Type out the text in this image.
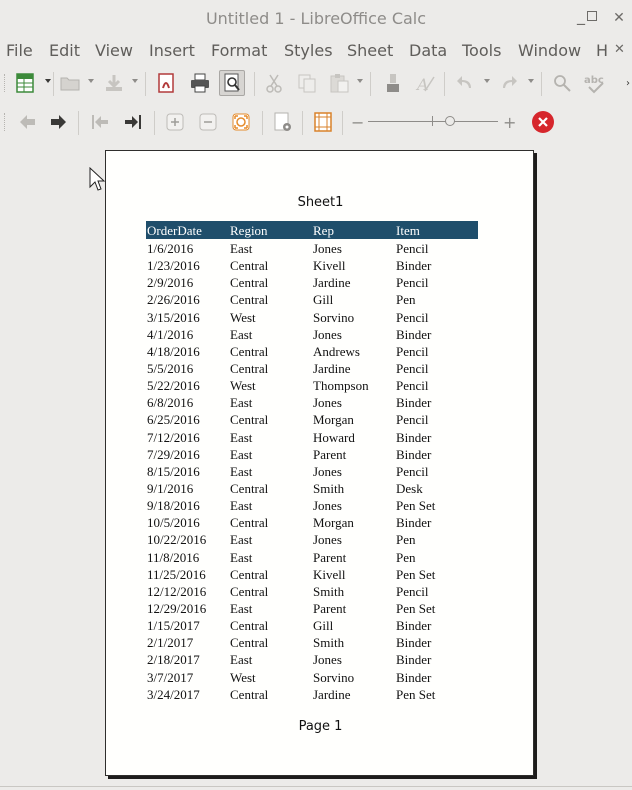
Untitled 1 - LibreOffice Calc	_	✕
File Edit View Insert Format Styles Sheet Data Tools Window H ✕
A	abc ›
−	+
Sheet1
OrderDate Region	Rep	Item
1/6/2016	East	Jones	Pencil
1/23/2016 Central	Kivell	Binder
2/9/2016	Central	Jardine	Pencil
2/26/2016 Central	Gill	Pen
3/15/2016 West	Sorvino	Pencil
4/1/2016	East	Jones	Binder
4/18/2016 Central	Andrews	Pencil
5/5/2016	Central	Jardine	Pencil
5/22/2016 West	Thompson Pencil
6/8/2016	East	Jones	Binder
6/25/2016 Central	Morgan	Pencil
7/12/2016 East	Howard	Binder
7/29/2016 East	Parent	Binder
8/15/2016 East	Jones	Pencil
9/1/2016	Central	Smith	Desk
9/18/2016 East	Jones	Pen Set
10/5/2016 Central	Morgan	Binder
10/22/2016 East	Jones	Pen
11/8/2016 East	Parent	Pen
11/25/2016 Central	Kivell	Pen Set
12/12/2016 Central	Smith	Pencil
12/29/2016 East	Parent	Pen Set
1/15/2017 Central	Gill	Binder
2/1/2017	Central	Smith	Binder
2/18/2017 East	Jones	Binder
3/7/2017	West	Sorvino	Binder
3/24/2017 Central	Jardine	Pen Set
Page 1
